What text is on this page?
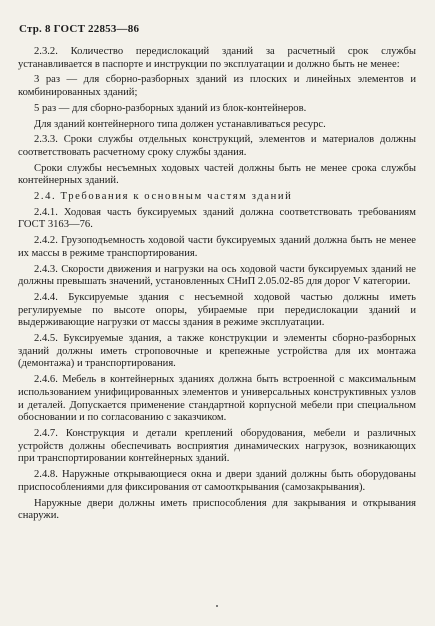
Стр. 8 ГОСТ 22853—86

2.3.2. Количество передислокаций зданий за расчетный срок службы устанавливается в паспорте и инструкции по эксплуатации и должно быть не менее:

3 раз — для сборно-разборных зданий из плоских и линейных элементов и комбинированных зданий;

5 раз — для сборно-разборных зданий из блок-контейнеров.

Для зданий контейнерного типа должен устанавливаться ресурс.

2.3.3. Сроки службы отдельных конструкций, элементов и материалов должны соответствовать расчетному сроку службы здания.

Сроки службы несъемных ходовых частей должны быть не менее срока службы контейнерных зданий.

2.4. Требования к основным частям зданий

2.4.1. Ходовая часть буксируемых зданий должна соответствовать требованиям ГОСТ 3163—76.

2.4.2. Грузоподъемность ходовой части буксируемых зданий должна быть не менее их массы в режиме транспортирования.

2.4.3. Скорости движения и нагрузки на ось ходовой части буксируемых зданий не должны превышать значений, установленных СНиП 2.05.02-85 для дорог V категории.

2.4.4. Буксируемые здания с несъемной ходовой частью должны иметь регулируемые по высоте опоры, убираемые при передислокации зданий и выдерживающие нагрузки от массы здания в режиме эксплуатации.

2.4.5. Буксируемые здания, а также конструкции и элементы сборно-разборных зданий должны иметь строповочные и крепежные устройства для их монтажа (демонтажа) и транспортирования.

2.4.6. Мебель в контейнерных зданиях должна быть встроенной с максимальным использованием унифицированных элементов и универсальных конструктивных узлов и деталей. Допускается применение стандартной корпусной мебели при специальном обосновании и по согласованию с заказчиком.

2.4.7. Конструкция и детали креплений оборудования, мебели и различных устройств должны обеспечивать восприятия динамических нагрузок, возникающих при транспортировании контейнерных зданий.

2.4.8. Наружные открывающиеся окна и двери зданий должны быть оборудованы приспособлениями для фиксирования от самооткрывания (самозакрывания).

Наружные двери должны иметь приспособления для закрывания и открывания снаружи.
